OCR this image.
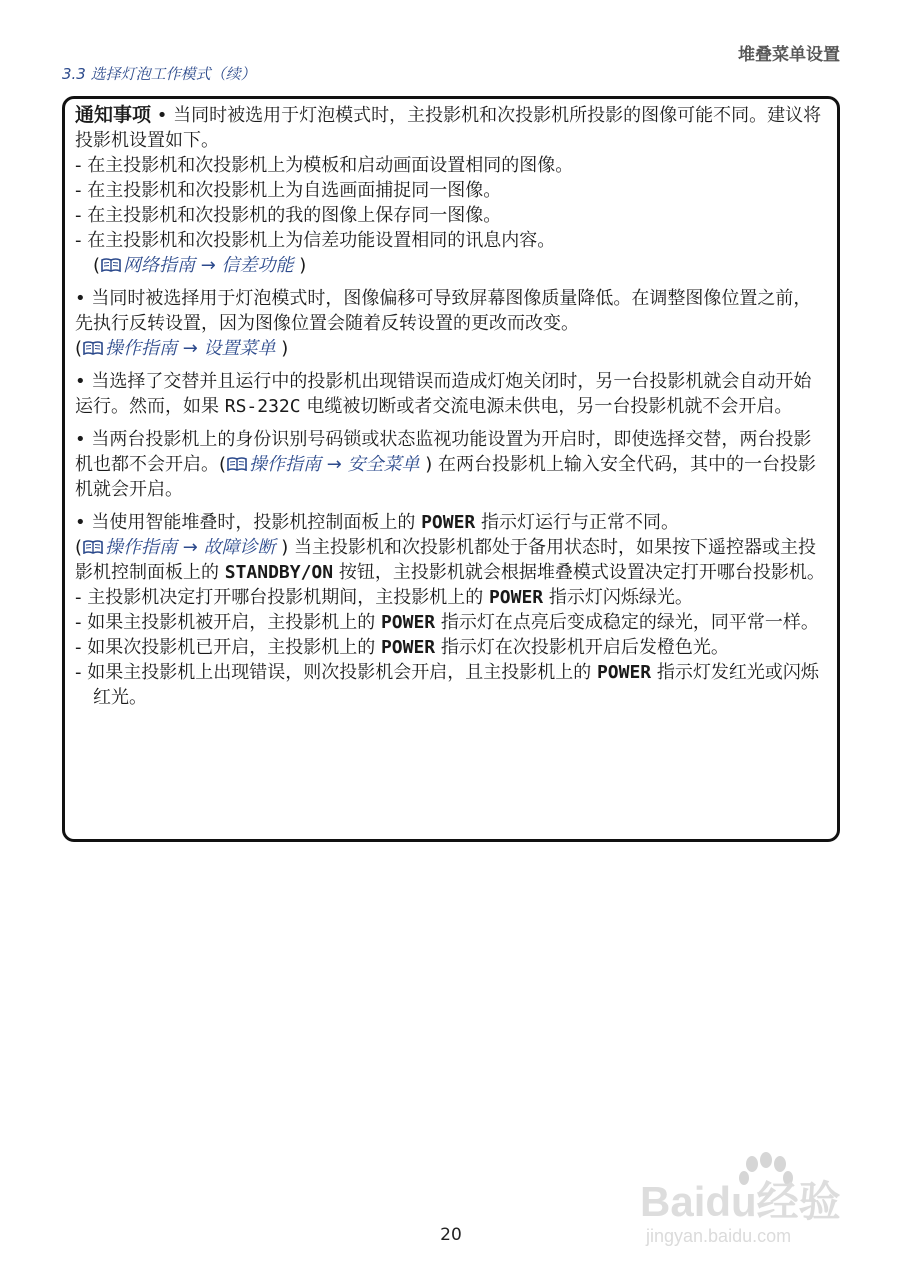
堆叠菜单设置
3.3 选择灯泡工作模式（续）

通知事项 • 当同时被选用于灯泡模式时，主投影机和次投影机所投影的图像可能不同。建议将投影机设置如下。

- 在主投影机和次投影机上为模板和启动画面设置相同的图像。

- 在主投影机和次投影机上为自选画面捕捉同一图像。

- 在主投影机和次投影机的我的图像上保存同一图像。

- 在主投影机和次投影机上为信差功能设置相同的讯息内容。

( 网络指南 → 信差功能 )

• 当同时被选择用于灯泡模式时，图像偏移可导致屏幕图像质量降低。在调整图像位置之前，先执行反转设置，因为图像位置会随着反转设置的更改而改变。

( 操作指南 → 设置菜单 )

• 当选择了交替并且运行中的投影机出现错误而造成灯炮关闭时，另一台投影机就会自动开始运行。然而，如果 RS-232C 电缆被切断或者交流电源未供电，另一台投影机就不会开启。

• 当两台投影机上的身份识别号码锁或状态监视功能设置为开启时，即使选择交替，两台投影机也都不会开启。( 操作指南 → 安全菜单 ) 在两台投影机上输入安全代码，其中的一台投影机就会开启。

• 当使用智能堆叠时，投影机控制面板上的 POWER 指示灯运行与正常不同。

( 操作指南 → 故障诊断 ) 当主投影机和次投影机都处于备用状态时，如果按下遥控器或主投影机控制面板上的 STANDBY/ON 按钮，主投影机就会根据堆叠模式设置决定打开哪台投影机。

- 主投影机决定打开哪台投影机期间，主投影机上的 POWER 指示灯闪烁绿光。

- 如果主投影机被开启，主投影机上的 POWER 指示灯在点亮后变成稳定的绿光，同平常一样。

- 如果次投影机已开启，主投影机上的 POWER 指示灯在次投影机开启后发橙色光。

- 如果主投影机上出现错误，则次投影机会开启，且主投影机上的 POWER 指示灯发红光或闪烁红光。

Baidu经验
jingyan.baidu.com
20
